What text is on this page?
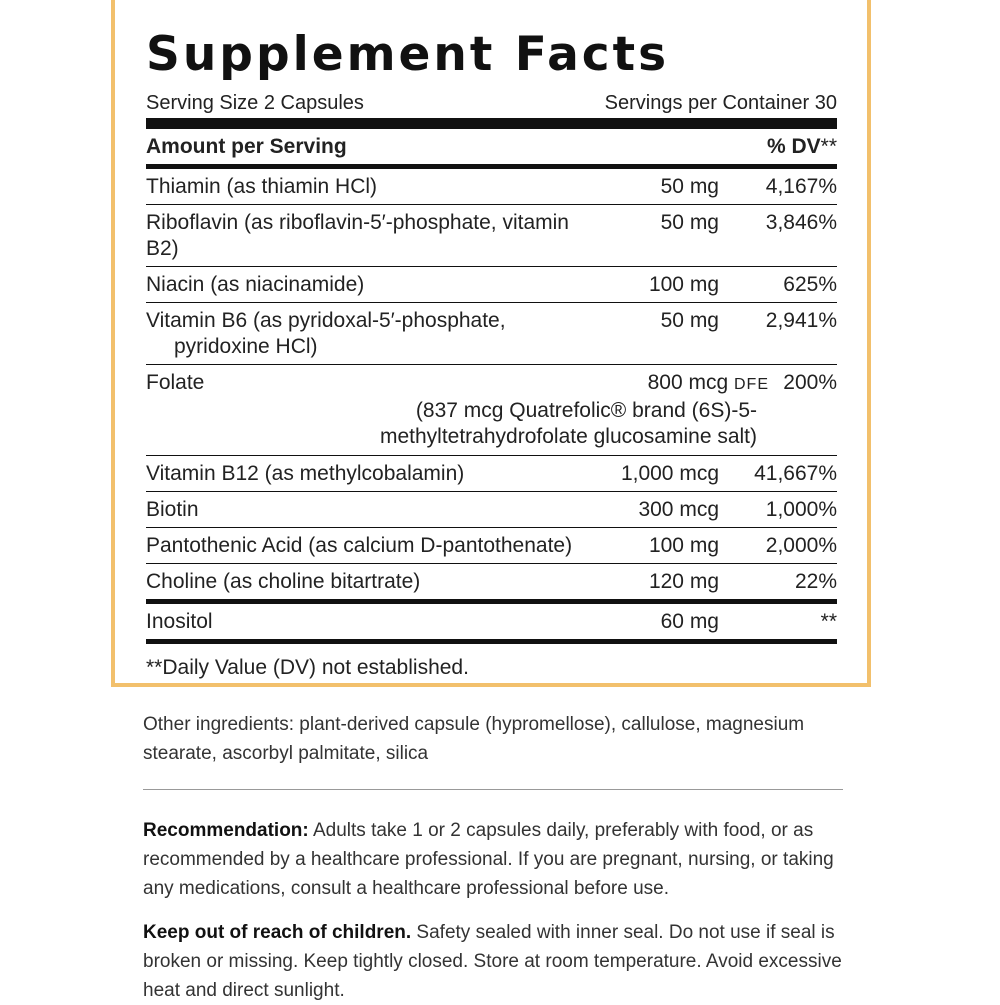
Supplement Facts
Serving Size 2 Capsules	Servings per Container 30
Amount per Serving	% DV**
Thiamin (as thiamin HCl)	50 mg	4,167%
Riboflavin (as riboflavin-5′-phosphate, vitamin B2)
50 mg	3,846%
Niacin (as niacinamide)	100 mg	625%
Vitamin B6 (as pyridoxal-5′-phosphate,
pyridoxine HCl)
50 mg	2,941%
Folate	800 mcg DFE 200%
(837 mcg Quatrefolic® brand (6S)-5-
methyltetrahydrofolate glucosamine salt)
Vitamin B12 (as methylcobalamin)	1,000 mcg	41,667%
Biotin	300 mcg	1,000%
Pantothenic Acid (as calcium D-pantothenate)	100 mg	2,000%
Choline (as choline bitartrate)	120 mg	22%
Inositol	60 mg	**
**Daily Value (DV) not established.
Other ingredients: plant-derived capsule (hypromellose), callulose, magnesium stearate, ascorbyl palmitate, silica
Recommendation: Adults take 1 or 2 capsules daily, preferably with food, or as recommended by a healthcare professional. If you are pregnant, nursing, or taking any medications, consult a healthcare professional before use.
Keep out of reach of children. Safety sealed with inner seal. Do not use if seal is broken or missing. Keep tightly closed. Store at room temperature. Avoid excessive heat and direct sunlight.
